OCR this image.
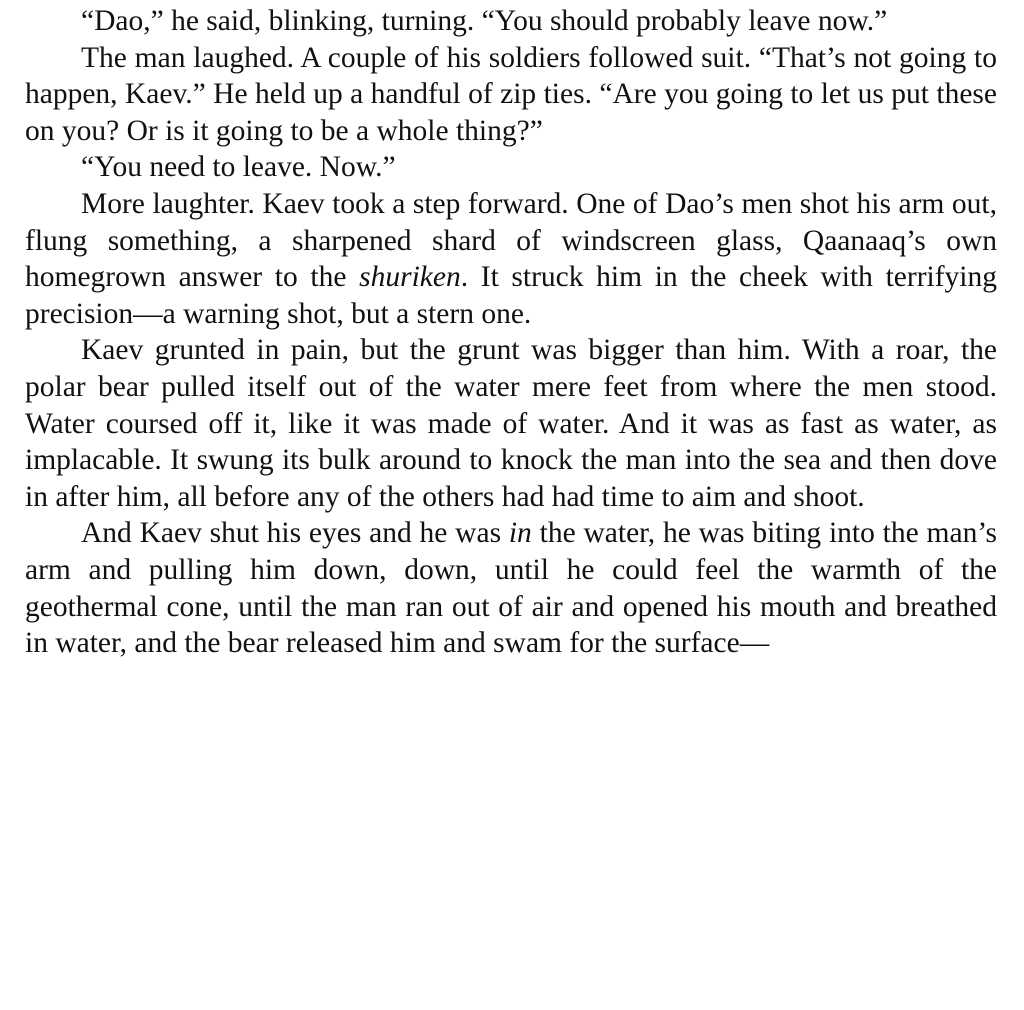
“Dao,” he said, blinking, turning. “You should probably leave now.”

The man laughed. A couple of his soldiers followed suit. “That’s not going to happen, Kaev.” He held up a handful of zip ties. “Are you going to let us put these on you? Or is it going to be a whole thing?”

“You need to leave. Now.”

More laughter. Kaev took a step forward. One of Dao’s men shot his arm out, flung something, a sharpened shard of windscreen glass, Qaanaaq’s own homegrown answer to the shuriken. It struck him in the cheek with terrifying precision—a warning shot, but a stern one.

Kaev grunted in pain, but the grunt was bigger than him. With a roar, the polar bear pulled itself out of the water mere feet from where the men stood. Water coursed off it, like it was made of water. And it was as fast as water, as implacable. It swung its bulk around to knock the man into the sea and then dove in after him, all before any of the others had had time to aim and shoot.

And Kaev shut his eyes and he was in the water, he was biting into the man’s arm and pulling him down, down, until he could feel the warmth of the geothermal cone, until the man ran out of air and opened his mouth and breathed in water, and the bear released him and swam for the surface—
